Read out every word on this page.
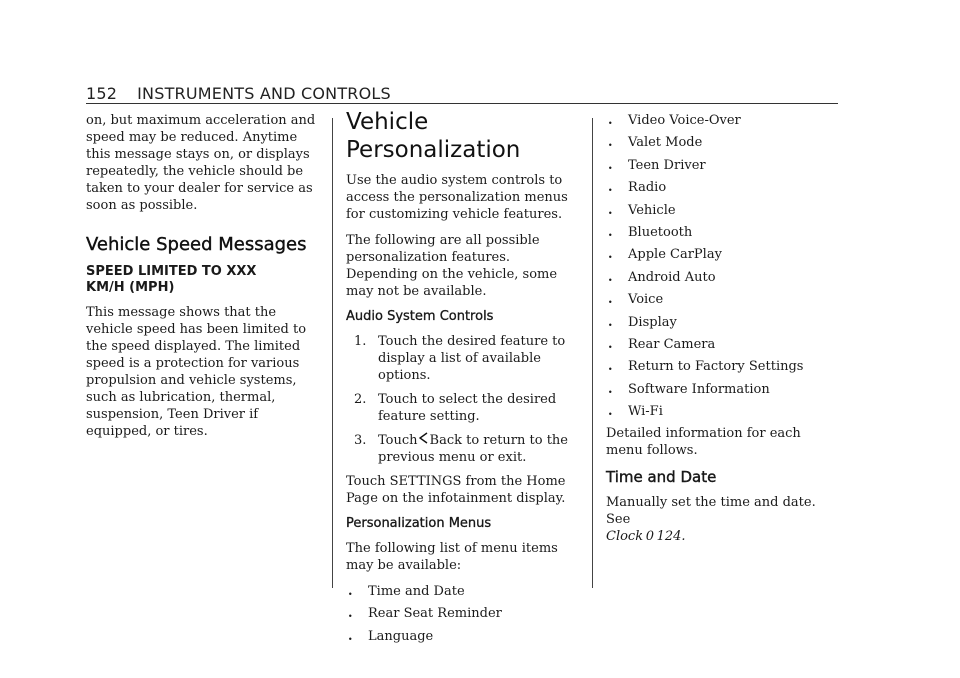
152 INSTRUMENTS AND CONTROLS

on, but maximum acceleration and speed may be reduced. Anytime this message stays on, or displays repeatedly, the vehicle should be taken to your dealer for service as soon as possible.

Vehicle Speed Messages
SPEED LIMITED TO XXX
KM/H (MPH)

This message shows that the vehicle speed has been limited to the speed displayed. The limited speed is a protection for various propulsion and vehicle systems, such as lubrication, thermal, suspension, Teen Driver if equipped, or tires.

Vehicle Personalization

Use the audio system controls to access the personalization menus for customizing vehicle features.

The following are all possible personalization features. Depending on the vehicle, some may not be available.

Audio System Controls
1. Touch the desired feature to display a list of available options.
2. Touch to select the desired feature setting.
3. Touch Back to return to the previous menu or exit.

Touch SETTINGS from the Home Page on the infotainment display.

Personalization Menus

The following list of menu items may be available:

. Time and Date
. Rear Seat Reminder
. Language
. Video Voice-Over
. Valet Mode
. Teen Driver
. Radio
. Vehicle
. Bluetooth
. Apple CarPlay
. Android Auto
. Voice
. Display
. Rear Camera
. Return to Factory Settings
. Software Information
. Wi-Fi

Detailed information for each menu follows.

Time and Date

Manually set the time and date. See
Clock  0  124.
